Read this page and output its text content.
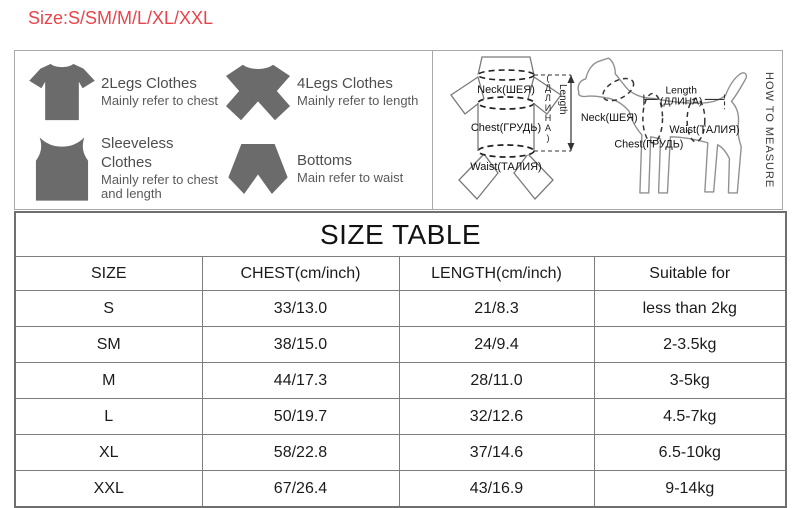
Size:S/SM/M/L/XL/XXL
2Legs Clothes
Mainly refer to chest
4Legs Clothes
Mainly refer to length
Sleeveless Clothes
Mainly refer to chest and length
Bottoms
Main refer to waist
Neck(ШЕЯ)
Chest(ГРУДЬ)
Waist(ТАЛИЯ)
(ДЛИНА) Length	Length
(ДЛИНА)
Neck(ШЕЯ)
Chest(ГРУДЬ)
Waist(ТАЛИЯ)	HOW TO MEASURE
SIZE TABLE			
SIZE	CHEST(cm/inch)	LENGTH(cm/inch)	Suitable for
S	33/13.0	21/8.3	less than 2kg
SM	38/15.0	24/9.4	2-3.5kg
M	44/17.3	28/11.0	3-5kg
L	50/19.7	32/12.6	4.5-7kg
XL	58/22.8	37/14.6	6.5-10kg
XXL	67/26.4	43/16.9	9-14kg
